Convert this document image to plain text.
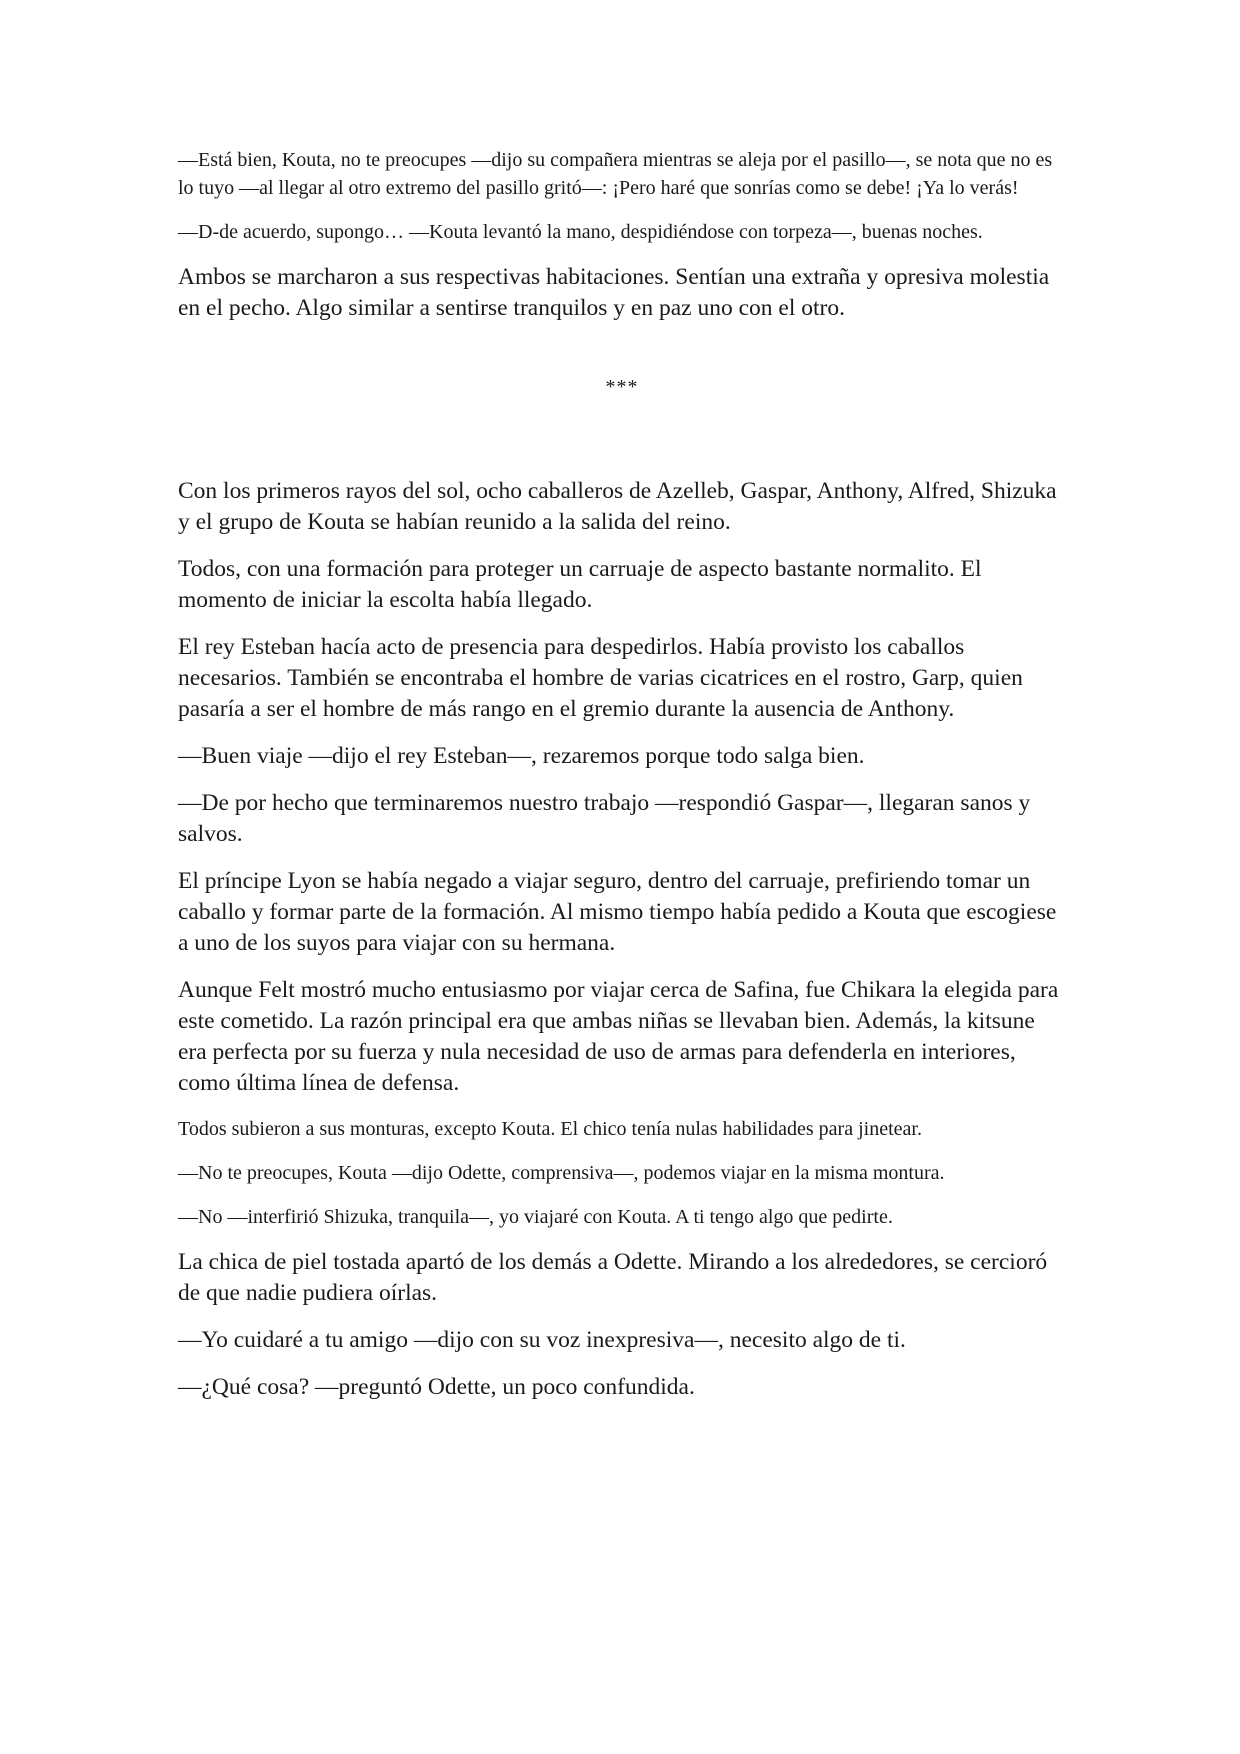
—Está bien, Kouta, no te preocupes —dijo su compañera mientras se aleja por el pasillo—, se nota que no es lo tuyo —al llegar al otro extremo del pasillo gritó—: ¡Pero haré que sonrías como se debe! ¡Ya lo verás!

—D-de acuerdo, supongo… —Kouta levantó la mano, despidiéndose con torpeza—, buenas noches.

Ambos se marcharon a sus respectivas habitaciones. Sentían una extraña y opresiva molestia en el pecho. Algo similar a sentirse tranquilos y en paz uno con el otro.

***

Con los primeros rayos del sol, ocho caballeros de Azelleb, Gaspar, Anthony, Alfred, Shizuka y el grupo de Kouta se habían reunido a la salida del reino.

Todos, con una formación para proteger un carruaje de aspecto bastante normalito. El momento de iniciar la escolta había llegado.

El rey Esteban hacía acto de presencia para despedirlos. Había provisto los caballos necesarios. También se encontraba el hombre de varias cicatrices en el rostro, Garp, quien pasaría a ser el hombre de más rango en el gremio durante la ausencia de Anthony.

—Buen viaje —dijo el rey Esteban—, rezaremos porque todo salga bien.

—De por hecho que terminaremos nuestro trabajo —respondió Gaspar—, llegaran sanos y salvos.

El príncipe Lyon se había negado a viajar seguro, dentro del carruaje, prefiriendo tomar un caballo y formar parte de la formación. Al mismo tiempo había pedido a Kouta que escogiese a uno de los suyos para viajar con su hermana.

Aunque Felt mostró mucho entusiasmo por viajar cerca de Safina, fue Chikara la elegida para este cometido. La razón principal era que ambas niñas se llevaban bien. Además, la kitsune era perfecta por su fuerza y nula necesidad de uso de armas para defenderla en interiores, como última línea de defensa.

Todos subieron a sus monturas, excepto Kouta. El chico tenía nulas habilidades para jinetear.

—No te preocupes, Kouta —dijo Odette, comprensiva—, podemos viajar en la misma montura.

—No —interfirió Shizuka, tranquila—, yo viajaré con Kouta. A ti tengo algo que pedirte.

La chica de piel tostada apartó de los demás a Odette. Mirando a los alrededores, se cercioró de que nadie pudiera oírlas.

—Yo cuidaré a tu amigo —dijo con su voz inexpresiva—, necesito algo de ti.

—¿Qué cosa? —preguntó Odette, un poco confundida.
